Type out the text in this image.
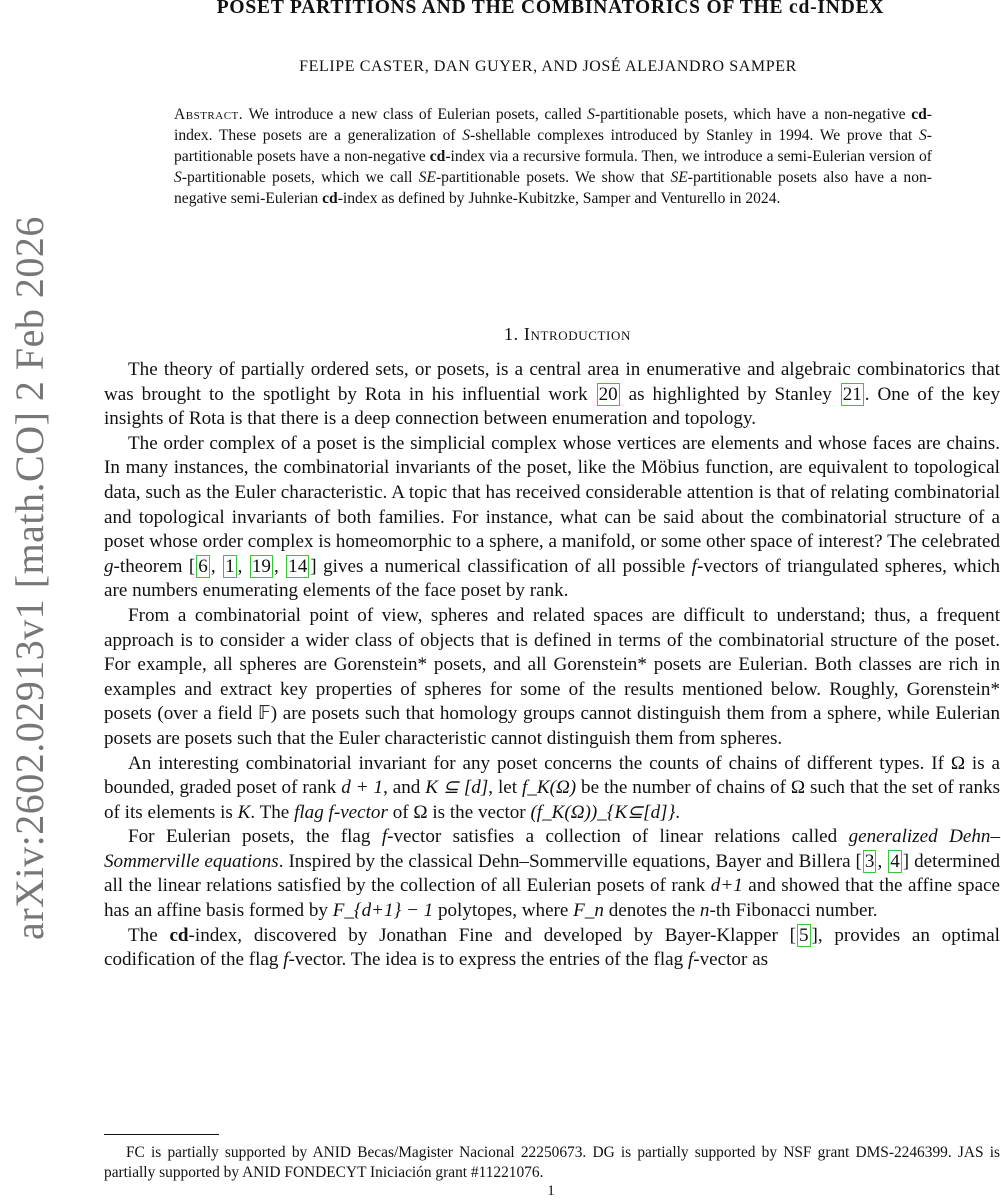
arXiv:2602.02913v1 [math.CO] 2 Feb 2026
POSET PARTITIONS AND THE COMBINATORICS OF THE cd-INDEX
FELIPE CASTER, DAN GUYER, AND JOSÉ ALEJANDRO SAMPER
Abstract. We introduce a new class of Eulerian posets, called S-partitionable posets, which have a non-negative cd-index. These posets are a generalization of S-shellable complexes introduced by Stanley in 1994. We prove that S-partitionable posets have a non-negative cd-index via a recursive formula. Then, we introduce a semi-Eulerian version of S-partitionable posets, which we call SE-partitionable posets. We show that SE-partitionable posets also have a non-negative semi-Eulerian cd-index as defined by Juhnke-Kubitzke, Samper and Venturello in 2024.
1. Introduction

The theory of partially ordered sets, or posets, is a central area in enumerative and algebraic combinatorics that was brought to the spotlight by Rota in his influential work 20 as highlighted by Stanley 21 . One of the key insights of Rota is that there is a deep connection between enumeration and topology.

The order complex of a poset is the simplicial complex whose vertices are elements and whose faces are chains. In many instances, the combinatorial invariants of the poset, like the Möbius function, are equivalent to topological data, such as the Euler characteristic. A topic that has received considerable attention is that of relating combinatorial and topological invariants of both families. For instance, what can be said about the combinatorial structure of a poset whose order complex is homeomorphic to a sphere, a manifold, or some other space of interest? The celebrated g-theorem [ 6 , 1 , 19 , 14 ] gives a numerical classification of all possible f-vectors of triangulated spheres, which are numbers enumerating elements of the face poset by rank.

From a combinatorial point of view, spheres and related spaces are difficult to understand; thus, a frequent approach is to consider a wider class of objects that is defined in terms of the combinatorial structure of the poset. For example, all spheres are Gorenstein* posets, and all Gorenstein* posets are Eulerian. Both classes are rich in examples and extract key properties of spheres for some of the results mentioned below. Roughly, Gorenstein* posets (over a field 𝔽) are posets such that homology groups cannot distinguish them from a sphere, while Eulerian posets are posets such that the Euler characteristic cannot distinguish them from spheres.

An interesting combinatorial invariant for any poset concerns the counts of chains of different types. If Ω is a bounded, graded poset of rank d + 1, and K ⊆ [d], let f_K(Ω) be the number of chains of Ω such that the set of ranks of its elements is K. The flag f-vector of Ω is the vector (f_K(Ω))_{K⊆[d]}.

For Eulerian posets, the flag f-vector satisfies a collection of linear relations called generalized Dehn–Sommerville equations. Inspired by the classical Dehn–Sommerville equations, Bayer and Billera [ 3 , 4 ] determined all the linear relations satisfied by the collection of all Eulerian posets of rank d+1 and showed that the affine space has an affine basis formed by F_{d+1} − 1 polytopes, where F_n denotes the n-th Fibonacci number.

The cd-index, discovered by Jonathan Fine and developed by Bayer-Klapper [ 5 ], provides an optimal codification of the flag f-vector. The idea is to express the entries of the flag f-vector as

FC is partially supported by ANID Becas/Magister Nacional 22250673. DG is partially supported by NSF grant DMS-2246399. JAS is partially supported by ANID FONDECYT Iniciación grant #11221076.
1
